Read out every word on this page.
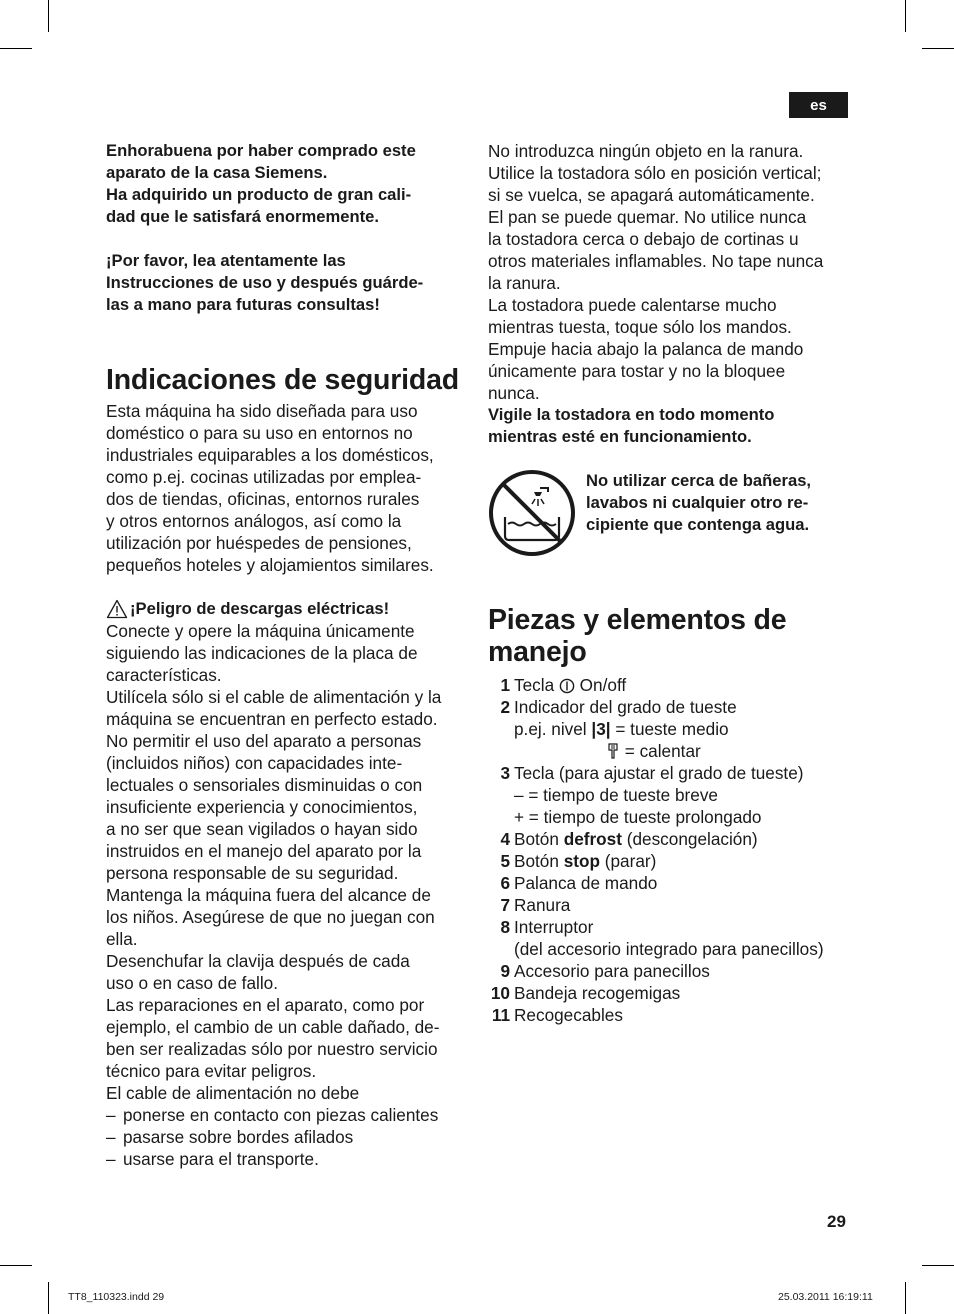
es

Enhorabuena por haber comprado este
aparato de la casa Siemens.
Ha adquirido un producto de gran cali-
dad que le satisfará enormemente.

¡Por favor, lea atentamente las
Instrucciones de uso y después guárde-
las a mano para futuras consultas!

Indicaciones de seguridad

Esta máquina ha sido diseñada para uso
doméstico o para su uso en entornos no
industriales equiparables a los domésticos,
como p.ej. cocinas utilizadas por emplea-
dos de tiendas, oficinas, entornos rurales
y otros entornos análogos, así como la
utilización por huéspedes de pensiones,
pequeños hoteles y alojamientos similares.

¡Peligro de descargas eléctricas!

Conecte y opere la máquina únicamente
siguiendo las indicaciones de la placa de
características.
Utilícela sólo si el cable de alimentación y la
máquina se encuentran en perfecto estado.
No permitir el uso del aparato a personas
(incluidos niños) con capacidades inte-
lectuales o sensoriales disminuidas o con
insuficiente experiencia y conocimientos,
a no ser que sean vigilados o hayan sido
instruidos en el manejo del aparato por la
persona responsable de su seguridad.
Mantenga la máquina fuera del alcance de
los niños. Asegúrese de que no juegan con
ella.
Desenchufar la clavija después de cada
uso o en caso de fallo.
Las reparaciones en el aparato, como por
ejemplo, el cambio de un cable dañado, de-
ben ser realizadas sólo por nuestro servicio
técnico para evitar peligros.
El cable de alimentación no debe

– ponerse en contacto con piezas calientes
– pasarse sobre bordes afilados
– usarse para el transporte.

No introduzca ningún objeto en la ranura.
Utilice la tostadora sólo en posición vertical;
si se vuelca, se apagará automáticamente.
El pan se puede quemar. No utilice nunca
la tostadora cerca o debajo de cortinas u
otros materiales inflamables. No tape nunca
la ranura.
La tostadora puede calentarse mucho
mientras tuesta, toque sólo los mandos.
Empuje hacia abajo la palanca de mando
únicamente para tostar y no la bloquee
nunca.

Vigile la tostadora en todo momento
mientras esté en funcionamiento.

No utilizar cerca de bañeras,
lavabos ni cualquier otro re-
cipiente que contenga agua.

Piezas y elementos de
manejo
1 Tecla  On/off
2 Indicador del grado de tueste
p.ej. nivel |3| = tueste medio
= calentar
3 Tecla (para ajustar el grado de tueste)
– = tiempo de tueste breve
+ = tiempo de tueste prolongado
4 Botón defrost (descongelación)
5 Botón stop (parar)
6 Palanca de mando
7 Ranura
8 Interruptor
(del accesorio integrado para panecillos)
9 Accesorio para panecillos
10 Bandeja recogemigas
11 Recogecables
29
TT8_110323.indd 29	25.03.2011 16:19:11
